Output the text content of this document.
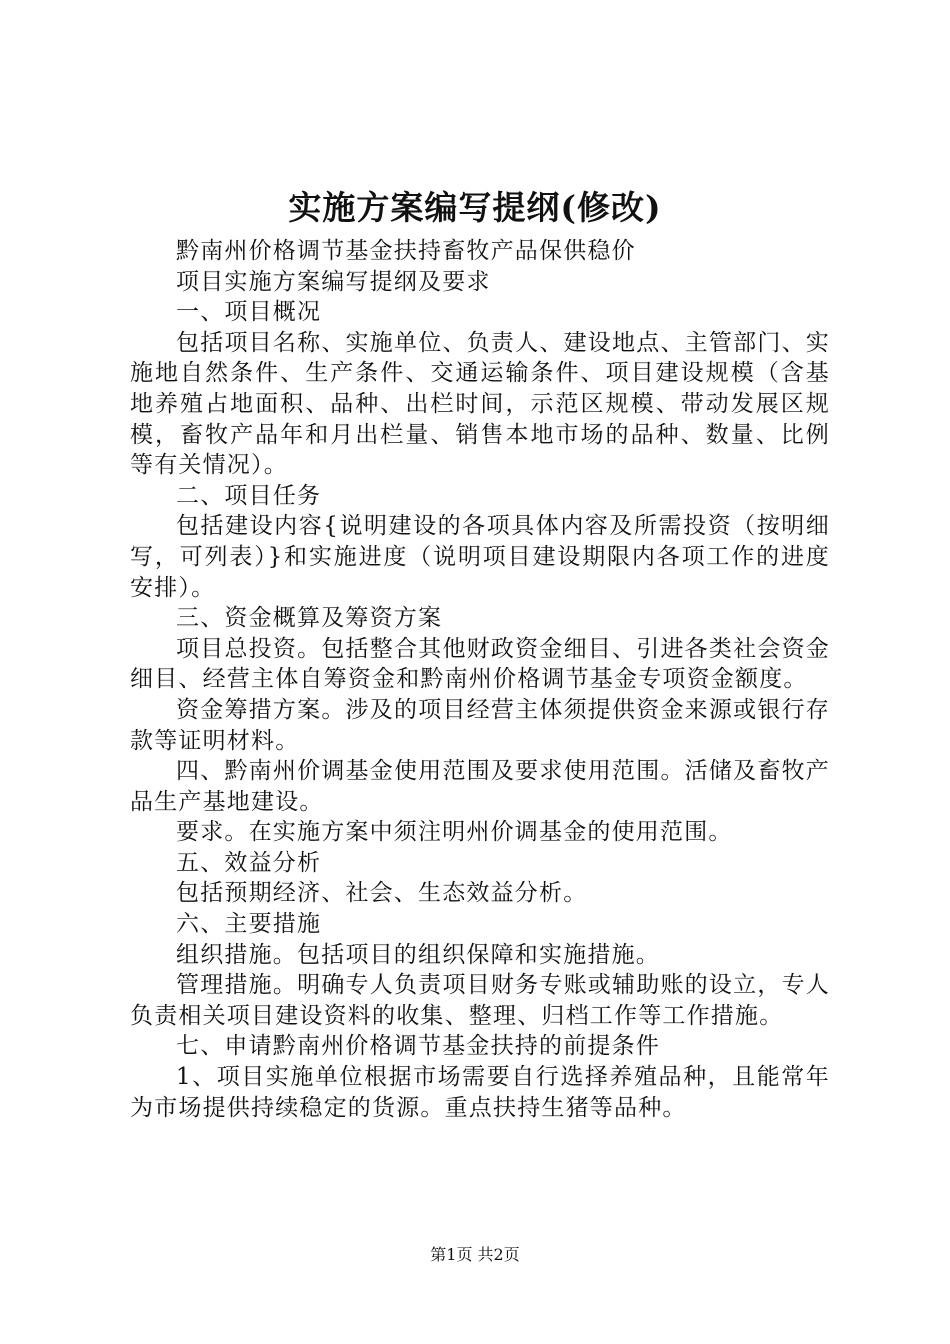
实施方案编写提纲(修改)

黔南州价格调节基金扶持畜牧产品保供稳价

项目实施方案编写提纲及要求

一、项目概况

包括项目名称、实施单位、负责人、建设地点、主管部门、实施地自然条件、生产条件、交通运输条件、项目建设规模（含基地养殖占地面积、品种、出栏时间，示范区规模、带动发展区规模，畜牧产品年和月出栏量、销售本地市场的品种、数量、比例等有关情况）。

二、项目任务

包括建设内容{说明建设的各项具体内容及所需投资（按明细写，可列表）}和实施进度（说明项目建设期限内各项工作的进度安排）。

三、资金概算及筹资方案

项目总投资。包括整合其他财政资金细目、引进各类社会资金细目、经营主体自筹资金和黔南州价格调节基金专项资金额度。

资金筹措方案。涉及的项目经营主体须提供资金来源或银行存款等证明材料。

四、黔南州价调基金使用范围及要求使用范围。活储及畜牧产品生产基地建设。

要求。在实施方案中须注明州价调基金的使用范围。

五、效益分析

包括预期经济、社会、生态效益分析。

六、主要措施

组织措施。包括项目的组织保障和实施措施。

管理措施。明确专人负责项目财务专账或辅助账的设立，专人负责相关项目建设资料的收集、整理、归档工作等工作措施。

七、申请黔南州价格调节基金扶持的前提条件

1、项目实施单位根据市场需要自行选择养殖品种，且能常年为市场提供持续稳定的货源。重点扶持生猪等品种。

第1页 共2页
